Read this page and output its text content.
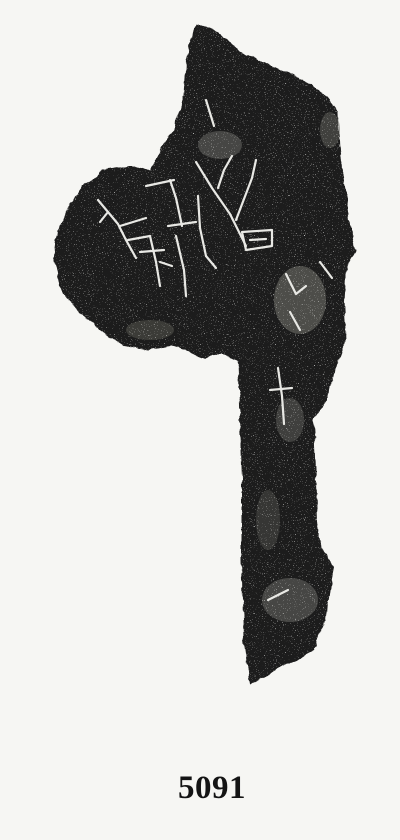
5091
